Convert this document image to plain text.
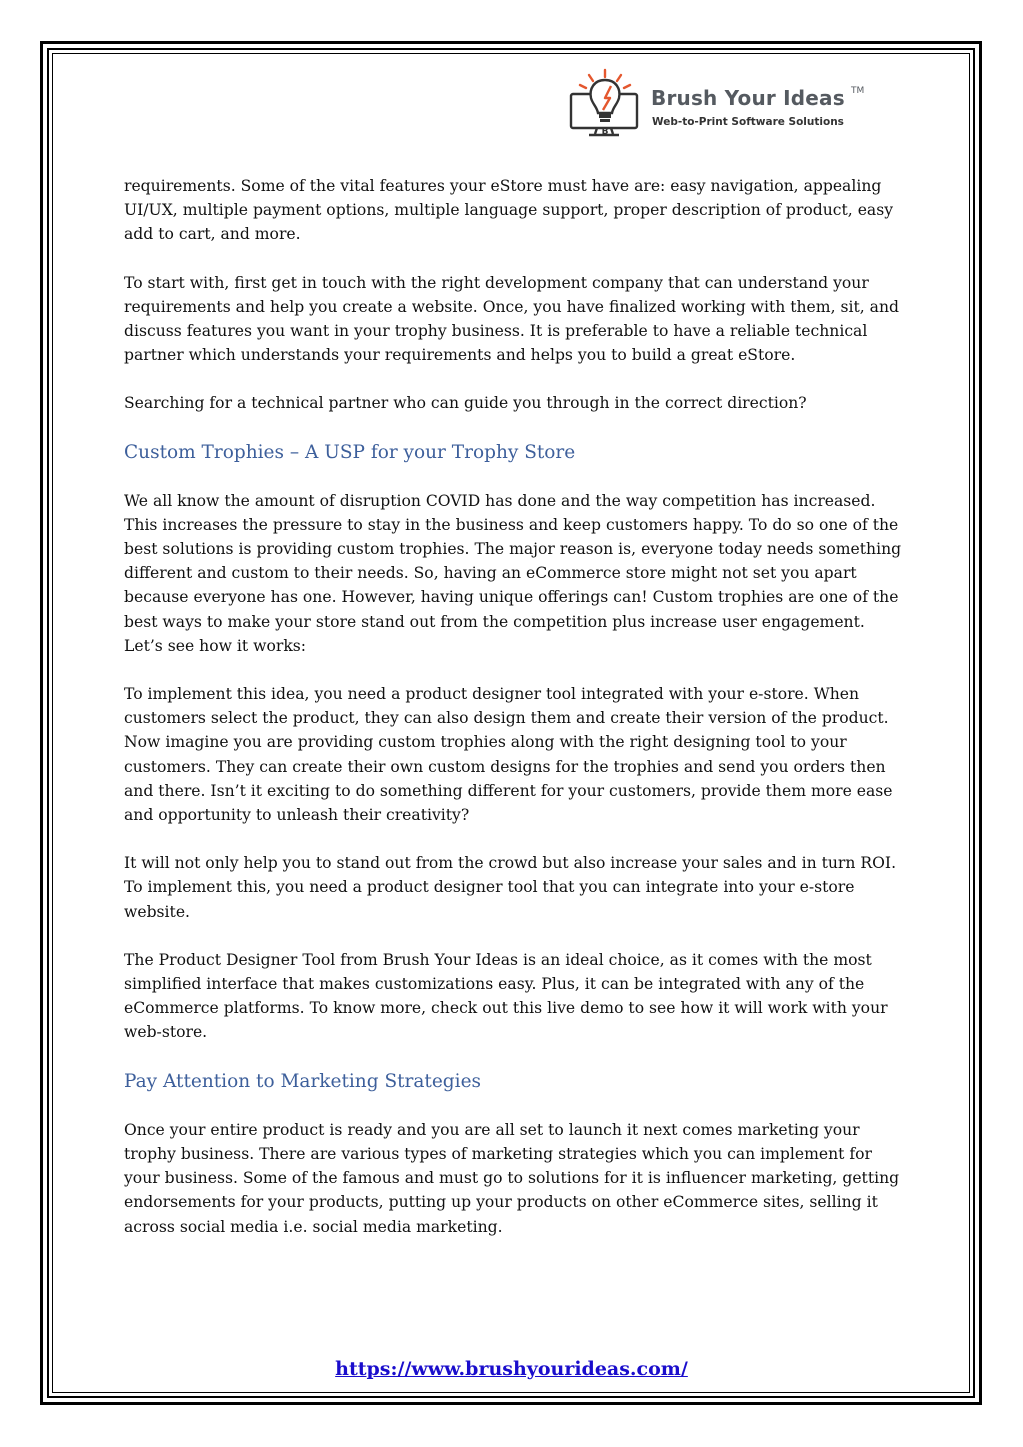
B
Brush Your Ideas TM
Web-to-Print Software Solutions

requirements. Some of the vital features your eStore must have are: easy navigation, appealing UI/UX, multiple payment options, multiple language support, proper description of product, easy add to cart, and more.

To start with, first get in touch with the right development company that can understand your requirements and help you create a website. Once, you have finalized working with them, sit, and discuss features you want in your trophy business. It is preferable to have a reliable technical partner which understands your requirements and helps you to build a great eStore.

Searching for a technical partner who can guide you through in the correct direction?

Custom Trophies – A USP for your Trophy Store

We all know the amount of disruption COVID has done and the way competition has increased. This increases the pressure to stay in the business and keep customers happy. To do so one of the best solutions is providing custom trophies. The major reason is, everyone today needs something different and custom to their needs. So, having an eCommerce store might not set you apart because everyone has one. However, having unique offerings can! Custom trophies are one of the best ways to make your store stand out from the competition plus increase user engagement. Let’s see how it works:

To implement this idea, you need a product designer tool integrated with your e-store. When customers select the product, they can also design them and create their version of the product. Now imagine you are providing custom trophies along with the right designing tool to your customers. They can create their own custom designs for the trophies and send you orders then and there. Isn’t it exciting to do something different for your customers, provide them more ease and opportunity to unleash their creativity?

It will not only help you to stand out from the crowd but also increase your sales and in turn ROI. To implement this, you need a product designer tool that you can integrate into your e-store website.

The Product Designer Tool from Brush Your Ideas is an ideal choice, as it comes with the most simplified interface that makes customizations easy. Plus, it can be integrated with any of the eCommerce platforms. To know more, check out this live demo to see how it will work with your web-store.

Pay Attention to Marketing Strategies

Once your entire product is ready and you are all set to launch it next comes marketing your trophy business. There are various types of marketing strategies which you can implement for your business. Some of the famous and must go to solutions for it is influencer marketing, getting endorsements for your products, putting up your products on other eCommerce sites, selling it across social media i.e. social media marketing.

https://www.brushyourideas.com/
